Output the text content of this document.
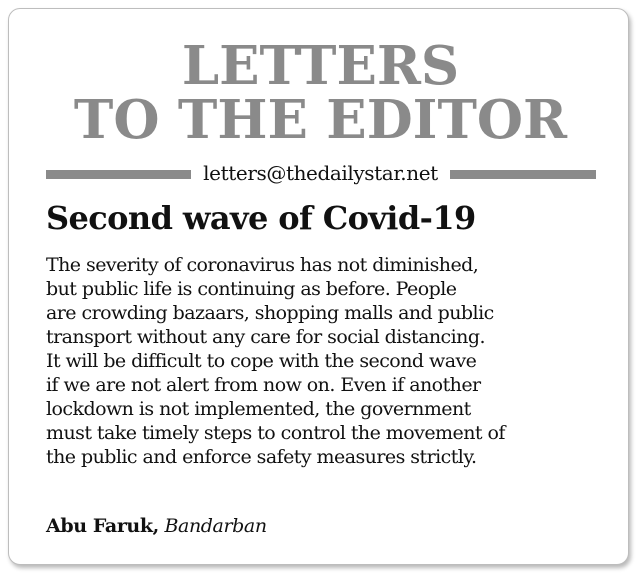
LETTERS
TO THE EDITOR
letters@thedailystar.net
Second wave of Covid-19
The severity of coronavirus has not diminished,
but public life is continuing as before. People
are crowding bazaars, shopping malls and public
transport without any care for social distancing.
It will be difficult to cope with the second wave
if we are not alert from now on. Even if another
lockdown is not implemented, the government
must take timely steps to control the movement of
the public and enforce safety measures strictly.
Abu Faruk, Bandarban
